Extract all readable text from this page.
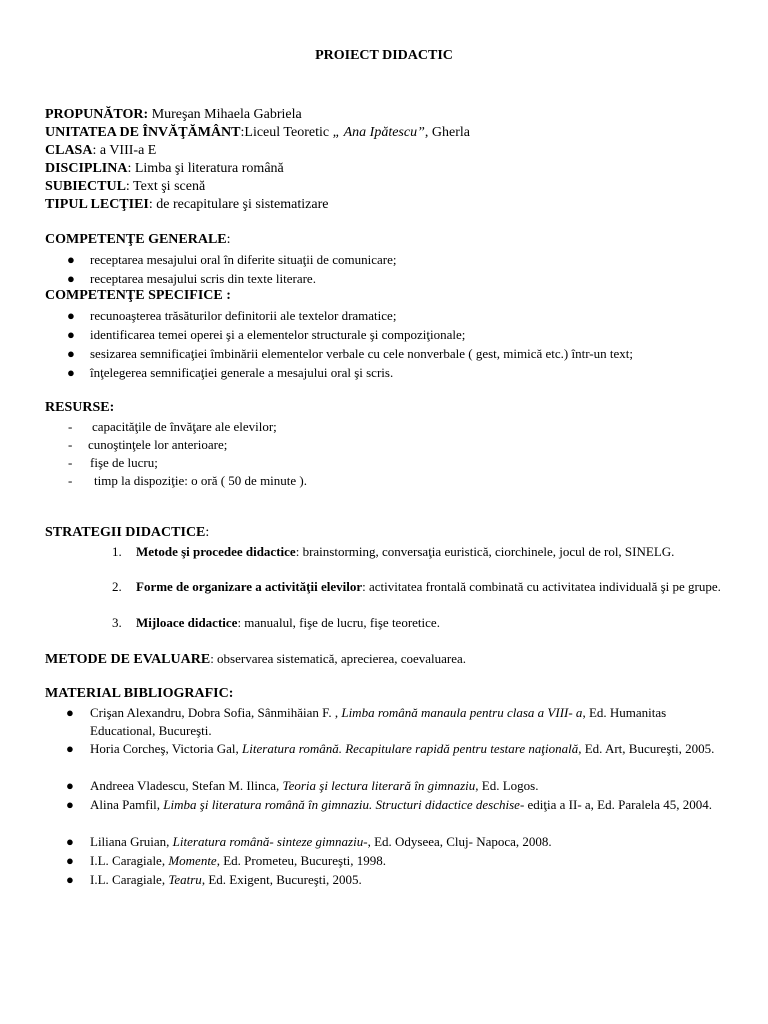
PROIECT DIDACTIC
PROPUNĂTOR: Mureşan Mihaela Gabriela
UNITATEA DE ÎNVĂŢĂMÂNT:Liceul Teoretic „ Ana Ipătescu”, Gherla
CLASA: a VIII-a E
DISCIPLINA: Limba şi literatura română
SUBIECTUL: Text şi scenă
TIPUL LECŢIEI: de recapitulare şi sistematizare
COMPETENŢE GENERALE:
● receptarea mesajului oral în diferite situaţii de comunicare;
● receptarea mesajului scris din texte literare.
COMPETENŢE SPECIFICE :
● recunoaşterea trăsăturilor definitorii ale textelor dramatice;
● identificarea temei operei şi a elementelor structurale şi compoziţionale;
● sesizarea semnificaţiei îmbinării elementelor verbale cu cele nonverbale ( gest, mimică etc.) într-un text;
● înţelegerea semnificaţiei generale a mesajului oral şi scris.
RESURSE:
- capacităţile de învăţare ale elevilor;
- cunoştinţele lor anterioare;
- fişe de lucru;
- timp la dispoziţie: o oră ( 50 de minute ).
STRATEGII DIDACTICE:
1. Metode şi procedee didactice: brainstorming, conversaţia euristică, ciorchinele, jocul de rol, SINELG.
2. Forme de organizare a activităţii elevilor: activitatea frontală combinată cu activitatea individuală şi pe grupe.
3. Mijloace didactice: manualul, fişe de lucru, fişe teoretice.
METODE DE EVALUARE: observarea sistematică, aprecierea, coevaluarea.
MATERIAL BIBLIOGRAFIC:
● Crişan Alexandru, Dobra Sofia, Sânmihăian F. , Limba română manaula pentru clasa a VIII- a, Ed. Humanitas Educational, Bucureşti.
● Horia Corcheş, Victoria Gal, Literatura română. Recapitulare rapidă pentru testare naţională, Ed. Art, Bucureşti, 2005.
● Andreea Vladescu, Stefan M. Ilinca, Teoria şi lectura literară în gimnaziu, Ed. Logos.
● Alina Pamfil, Limba şi literatura română în gimnaziu. Structuri didactice deschise- ediţia a II- a, Ed. Paralela 45, 2004.
● Liliana Gruian, Literatura română- sinteze gimnaziu-, Ed. Odyseea, Cluj- Napoca, 2008.
● I.L. Caragiale, Momente, Ed. Prometeu, Bucureşti, 1998.
● I.L. Caragiale, Teatru, Ed. Exigent, Bucureşti, 2005.
